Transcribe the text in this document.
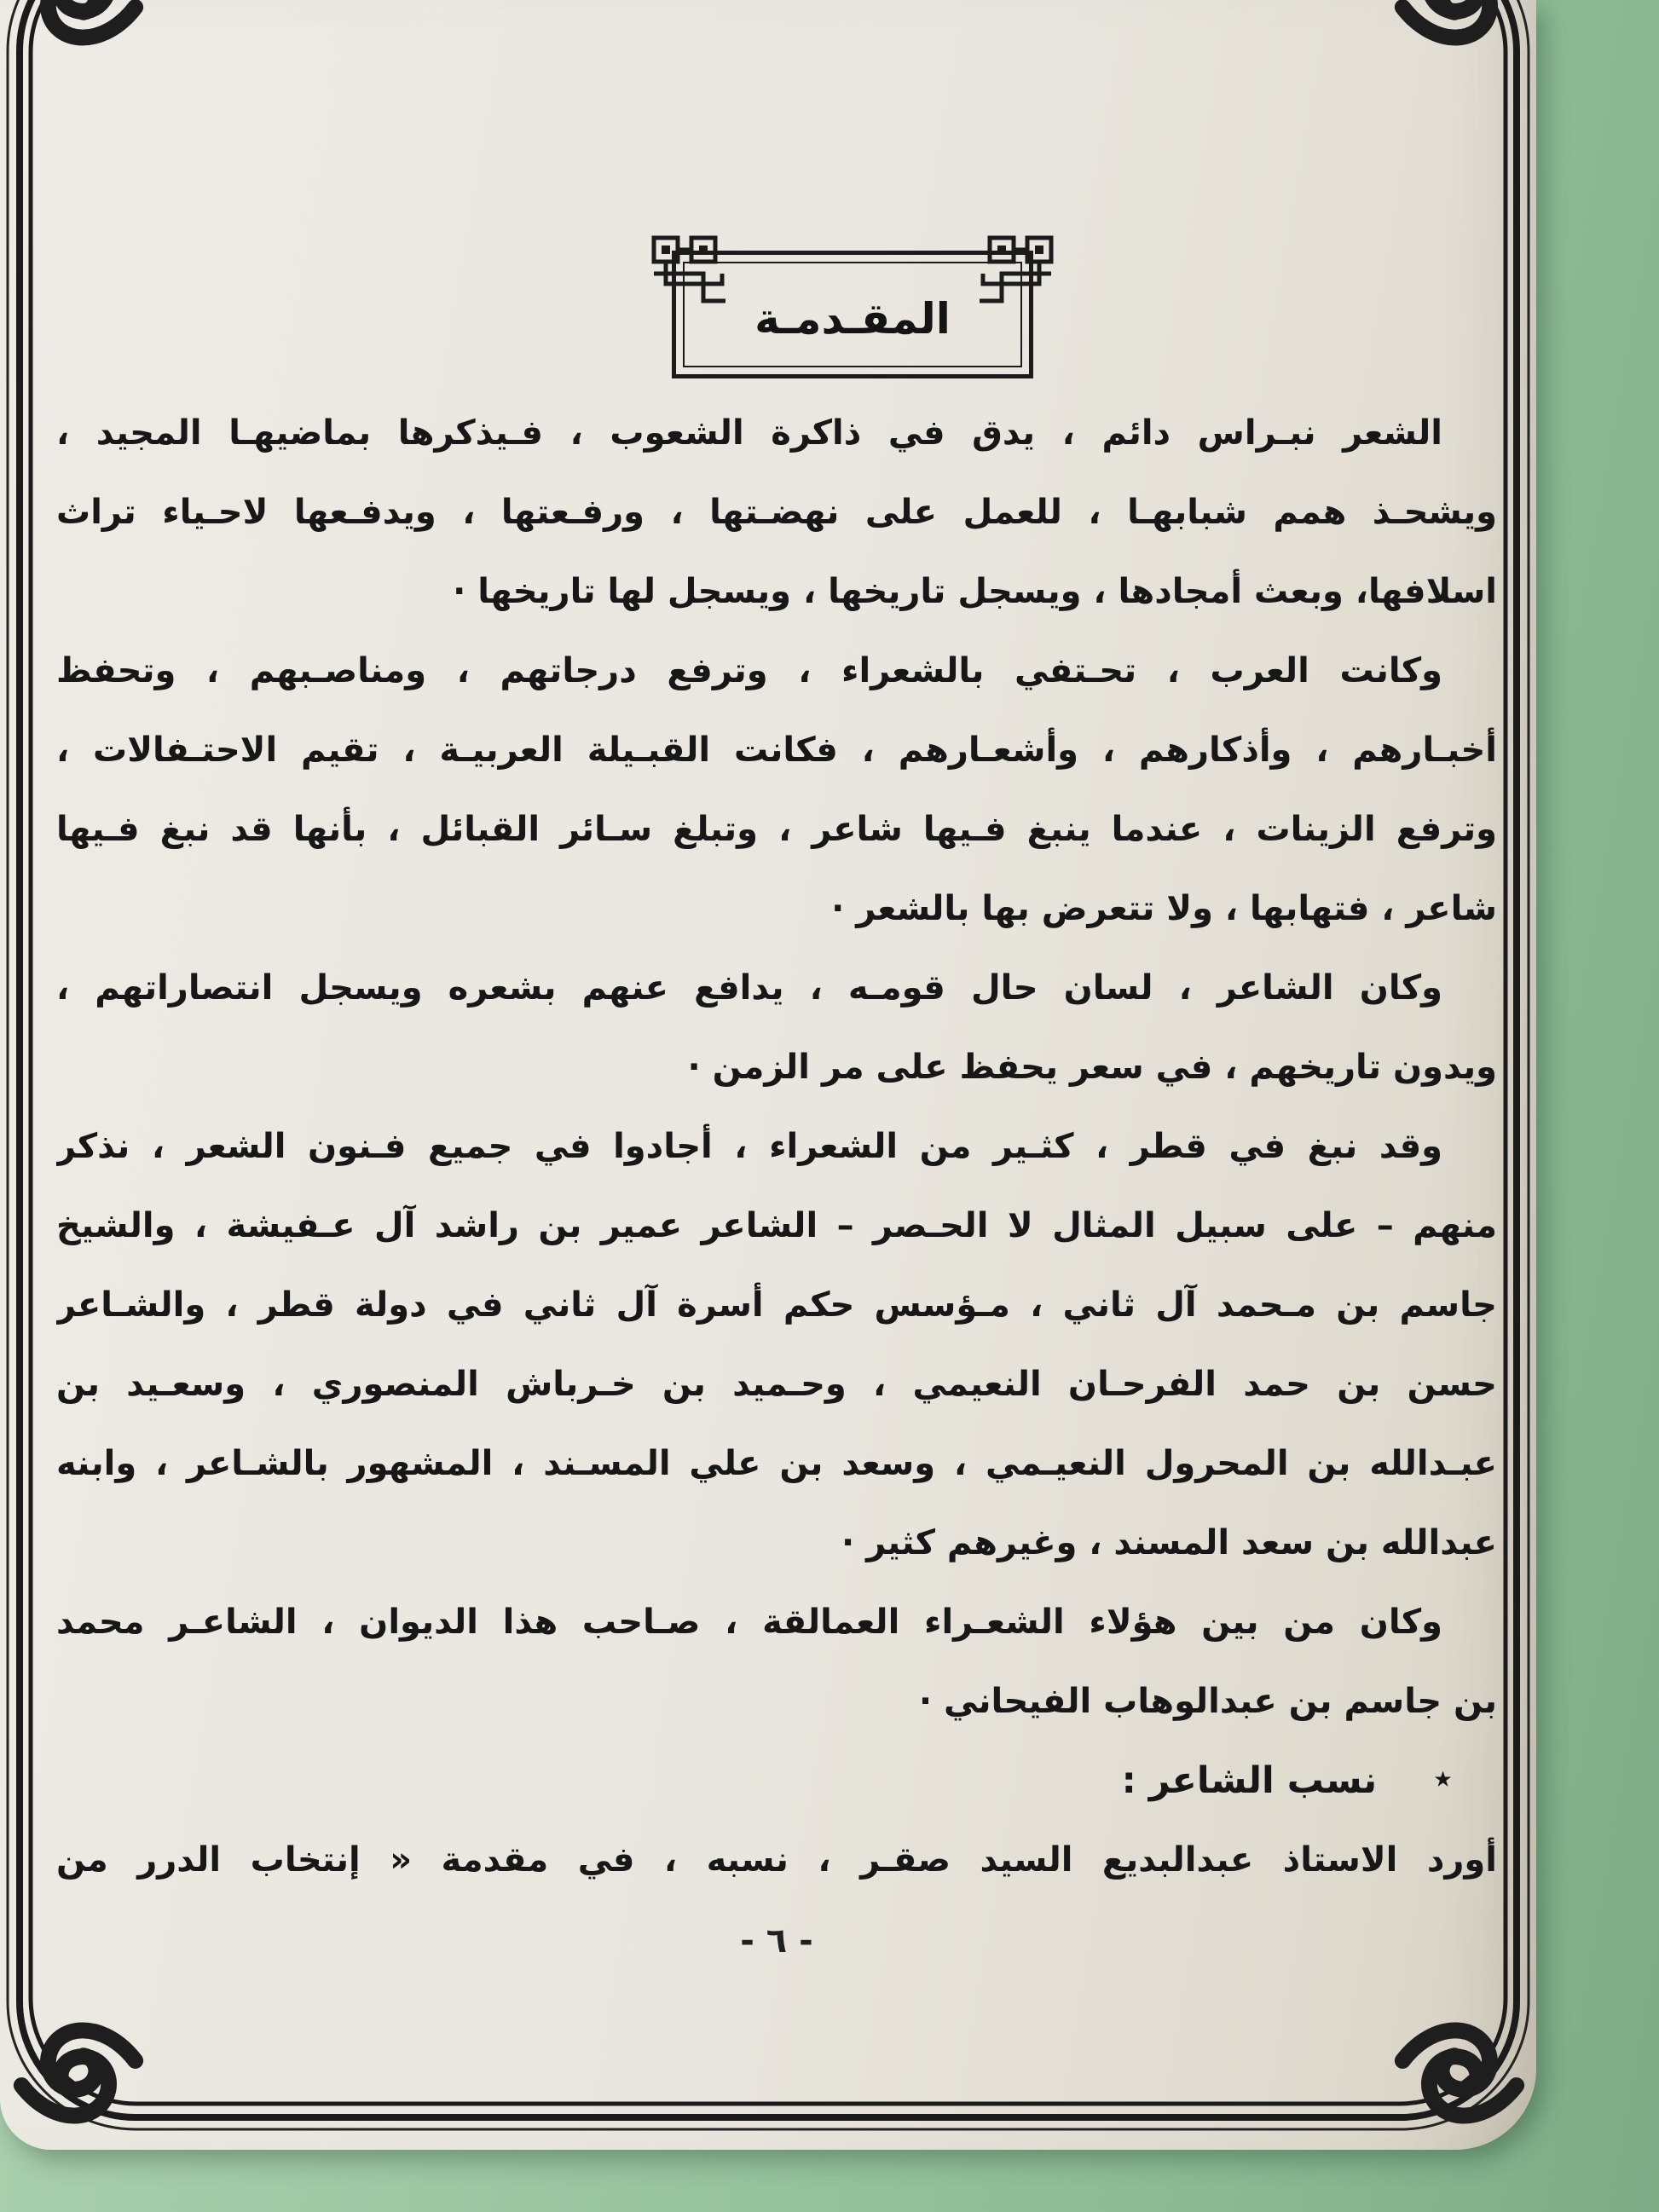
المقـدمـة
الشعر نبـراس دائم ، يدق في ذاكرة الشعوب ، فـيذكرها بماضيهـا المجيد ،
ويشحـذ همم شبابهـا ، للعمل على نهضـتها ، ورفـعتها ، ويدفـعها لاحـياء تراث
اسلافها، وبعث أمجادها ، ويسجل تاريخها ، ويسجل لها تاريخها ·
وكانت العرب ، تحـتفي بالشعراء ، وترفع درجاتهم ، ومناصـبهم ، وتحفظ
أخبـارهم ، وأذكارهم ، وأشعـارهم ، فكانت القبـيلة العربيـة ، تقيم الاحتـفالات ،
وترفع الزينات ، عندما ينبغ فـيها شاعر ، وتبلغ سـائر القبائل ، بأنها قد نبغ فـيها
شاعر ، فتهابها ، ولا تتعرض بها بالشعر ·
وكان الشاعر ، لسان حال قومـه ، يدافع عنهم بشعره ويسجل انتصاراتهم ،
ويدون تاريخهم ، في سعر يحفظ على مر الزمن ·
وقد نبغ في قطر ، كثـير من الشعراء ، أجادوا في جميع فـنون الشعر ، نذكر
منهم – على سبيل المثال لا الحـصر – الشاعر عمير بن راشد آل عـفيشة ، والشيخ
جاسم بن مـحمد آل ثاني ، مـؤسس حكم أسرة آل ثاني في دولة قطر ، والشـاعر
حسن بن حمد الفرحـان النعيمي ، وحـميد بن خـرباش المنصوري ، وسعـيد بن
عبـدالله بن المحرول النعيـمي ، وسعد بن علي المسـند ، المشهور بالشـاعر ، وابنه
عبدالله بن سعد المسند ، وغيرهم كثير ·
وكان من بين هؤلاء الشعـراء العمالقة ، صـاحب هذا الديوان ، الشاعـر محمد
بن جاسم بن عبدالوهاب الفيحاني ·
٭
نسب الشاعر :
أورد الاستاذ عبدالبديع السيد صقـر ، نسبه ، في مقدمة « إنتخاب الدرر من
- ٦ -
